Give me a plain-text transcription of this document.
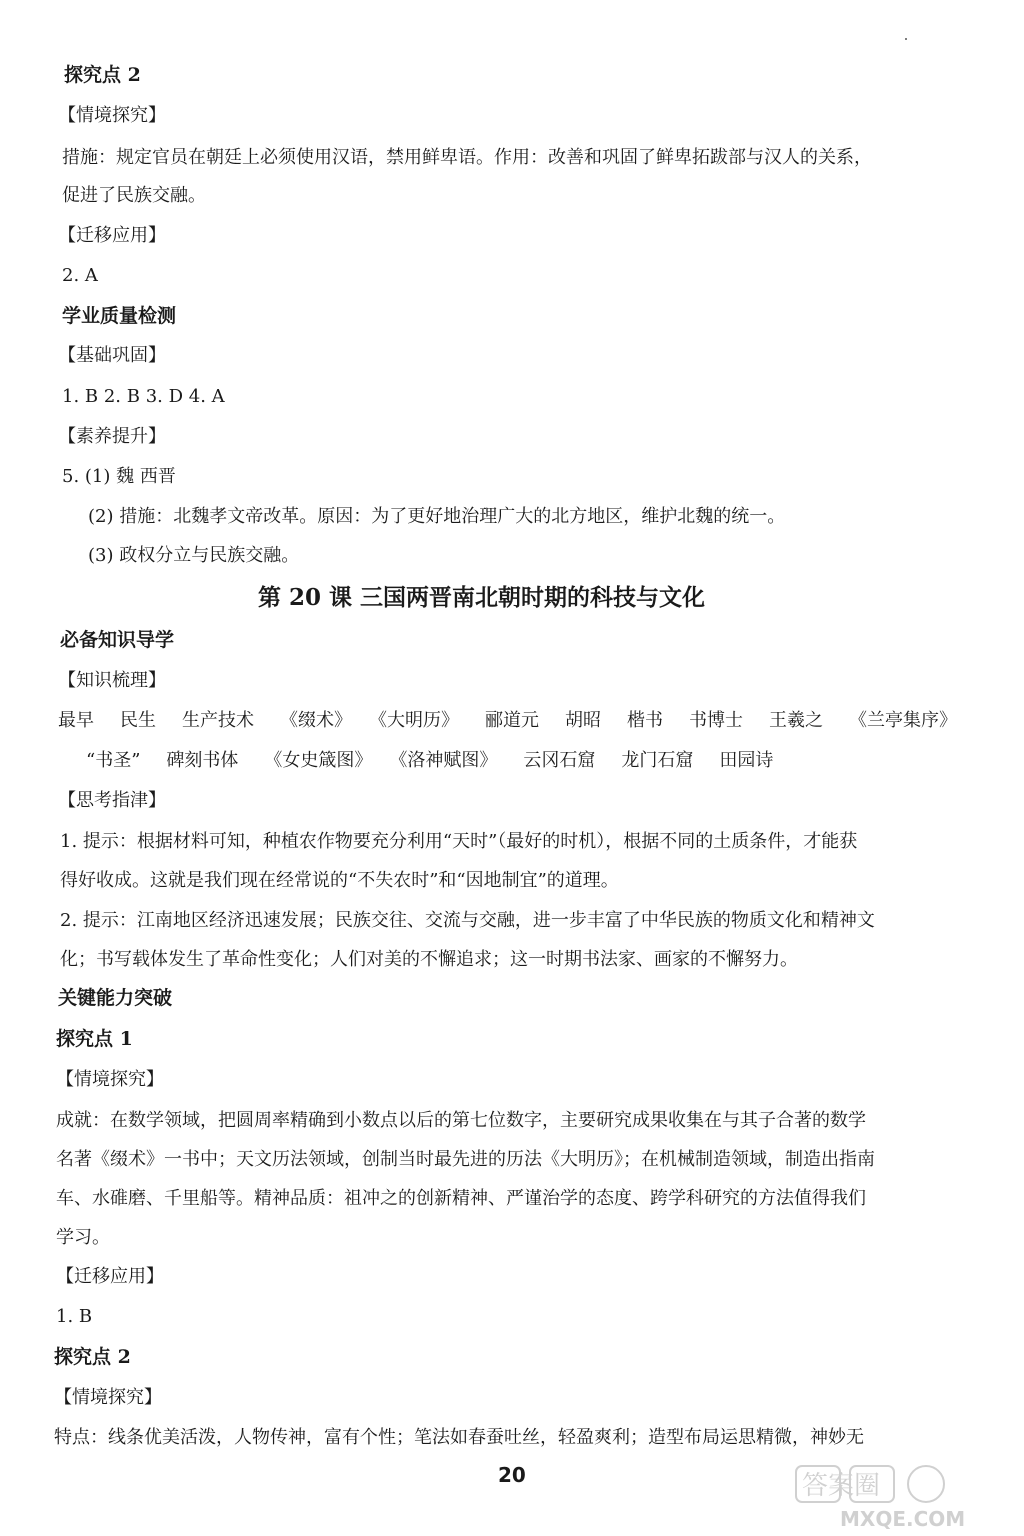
探究点 2
【情境探究】
措施：规定官员在朝廷上必须使用汉语，禁用鲜卑语。作用：改善和巩固了鲜卑拓跋部与汉人的关系，
促进了民族交融。
【迁移应用】
2. A
学业质量检测
【基础巩固】
1. B 2. B 3. D 4. A
【素养提升】
5. (1) 魏 西晋
(2) 措施：北魏孝文帝改革。原因：为了更好地治理广大的北方地区，维护北魏的统一。
(3) 政权分立与民族交融。
第 20 课 三国两晋南北朝时期的科技与文化
必备知识导学
【知识梳理】
最早 民生 生产技术 《缀术》 《大明历》 郦道元 胡昭 楷书 书博士 王羲之 《兰亭集序》
“书圣” 碑刻书体 《女史箴图》 《洛神赋图》 云冈石窟 龙门石窟 田园诗
【思考指津】
1. 提示：根据材料可知，种植农作物要充分利用“天时”（最好的时机），根据不同的土质条件，才能获
得好收成。这就是我们现在经常说的“不失农时”和“因地制宜”的道理。
2. 提示：江南地区经济迅速发展；民族交往、交流与交融，进一步丰富了中华民族的物质文化和精神文
化；书写载体发生了革命性变化；人们对美的不懈追求；这一时期书法家、画家的不懈努力。
关键能力突破
探究点 1
【情境探究】
成就：在数学领域，把圆周率精确到小数点以后的第七位数字，主要研究成果收集在与其子合著的数学
名著《缀术》一书中；天文历法领域，创制当时最先进的历法《大明历》；在机械制造领域，制造出指南
车、水碓磨、千里船等。精神品质：祖冲之的创新精神、严谨治学的态度、跨学科研究的方法值得我们
学习。
【迁移应用】
1. B
探究点 2
【情境探究】
特点：线条优美活泼，人物传神，富有个性；笔法如春蚕吐丝，轻盈爽利；造型布局运思精微，神妙无
20	答案圈
MXQE.COM
